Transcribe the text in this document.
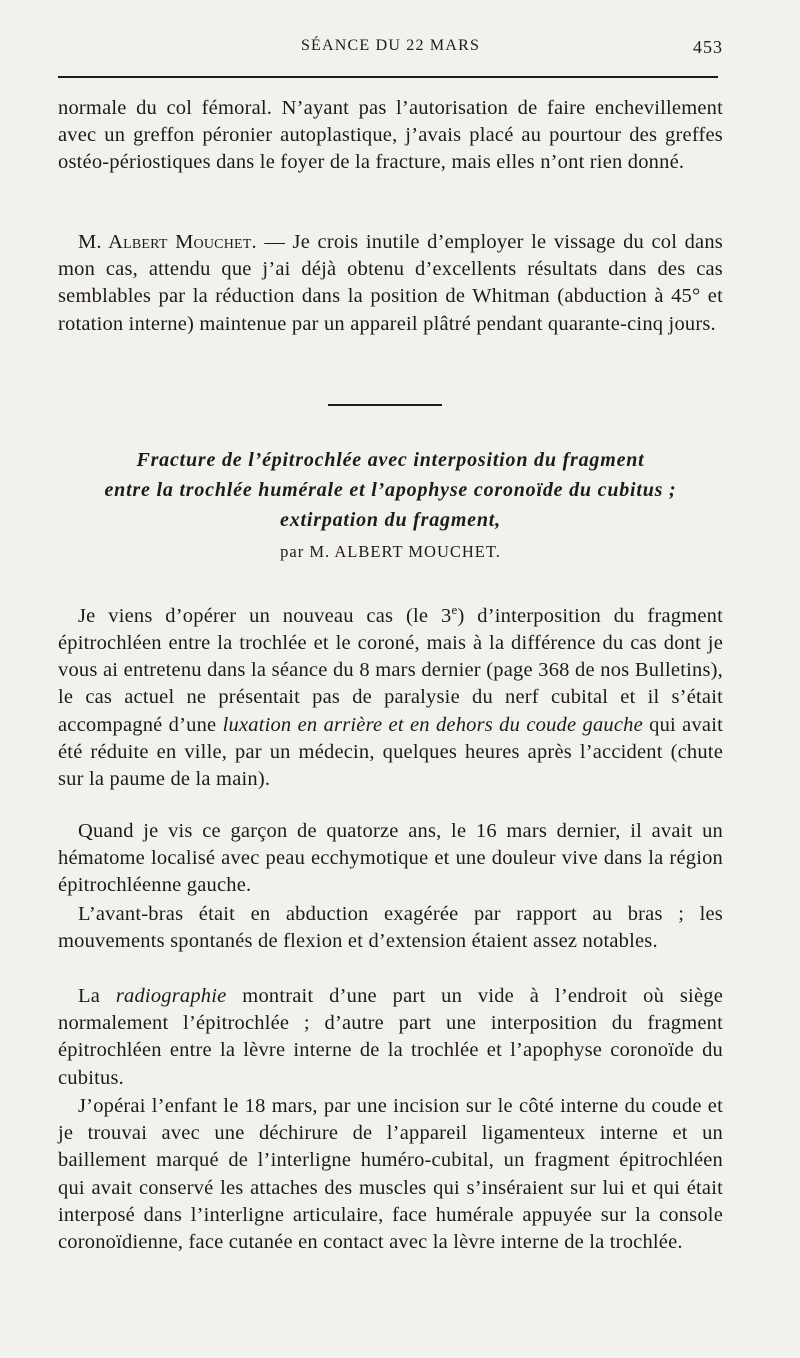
SÉANCE DU 22 MARS	453

normale du col fémoral. N’ayant pas l’autorisation de faire enchevillement avec un greffon péronier autoplastique, j’avais placé au pourtour des greffes ostéo-périostiques dans le foyer de la fracture, mais elles n’ont rien donné.

M. Albert Mouchet. — Je crois inutile d’employer le vissage du col dans mon cas, attendu que j’ai déjà obtenu d’excellents résultats dans des cas semblables par la réduction dans la position de Whitman (abduction à 45° et rotation interne) maintenue par un appareil plâtré pendant quarante-cinq jours.

Fracture de l’épitrochlée avec interposition du fragment
entre la trochlée humérale et l’apophyse coronoïde du cubitus ;
extirpation du fragment,
par M. ALBERT MOUCHET.

Je viens d’opérer un nouveau cas (le 3e) d’interposition du fragment épitrochléen entre la trochlée et le coroné, mais à la différence du cas dont je vous ai entretenu dans la séance du 8 mars dernier (page 368 de nos Bulletins), le cas actuel ne présentait pas de paralysie du nerf cubital et il s’était accompagné d’une luxation en arrière et en dehors du coude gauche qui avait été réduite en ville, par un médecin, quelques heures après l’accident (chute sur la paume de la main).

Quand je vis ce garçon de quatorze ans, le 16 mars dernier, il avait un hématome localisé avec peau ecchymotique et une douleur vive dans la région épitrochléenne gauche.

L’avant-bras était en abduction exagérée par rapport au bras ; les mouvements spontanés de flexion et d’extension étaient assez notables.

La radiographie montrait d’une part un vide à l’endroit où siège normalement l’épitrochlée ; d’autre part une interposition du fragment épitrochléen entre la lèvre interne de la trochlée et l’apophyse coronoïde du cubitus.

J’opérai l’enfant le 18 mars, par une incision sur le côté interne du coude et je trouvai avec une déchirure de l’appareil ligamenteux interne et un baillement marqué de l’interligne huméro-cubital, un fragment épitrochléen qui avait conservé les attaches des muscles qui s’inséraient sur lui et qui était interposé dans l’interligne articulaire, face humérale appuyée sur la console coronoïdienne, face cutanée en contact avec la lèvre interne de la trochlée.
